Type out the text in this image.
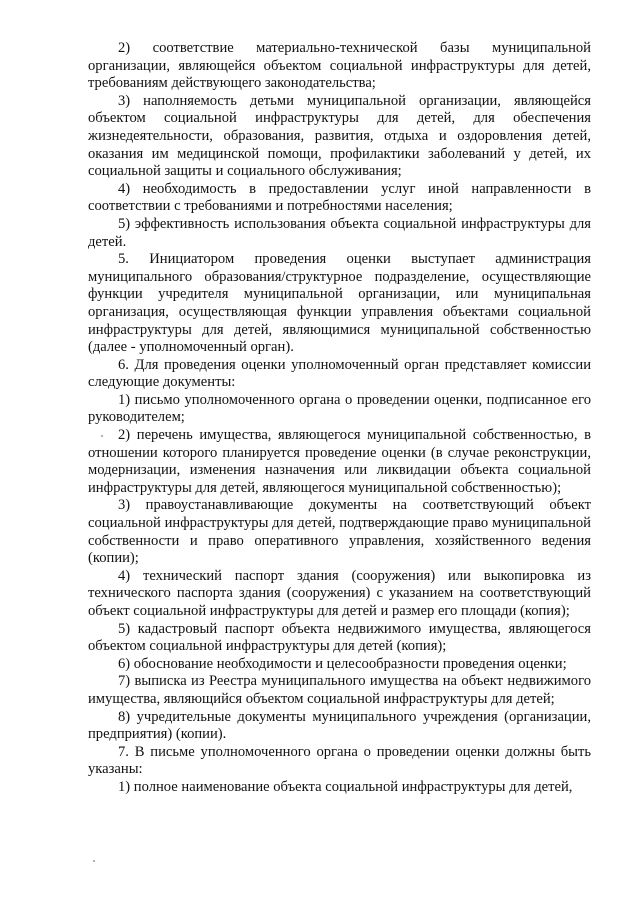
2) соответствие материально-технической базы муниципальной организации, являющейся объектом социальной инфраструктуры для детей, требованиям действующего законодательства;

3) наполняемость детьми муниципальной организации, являющейся объектом социальной инфраструктуры для детей, для обеспечения жизнедеятельности, образования, развития, отдыха и оздоровления детей, оказания им медицинской помощи, профилактики заболеваний у детей, их социальной защиты и социального обслуживания;

4) необходимость в предоставлении услуг иной направленности в соответствии с требованиями и потребностями населения;

5) эффективность использования объекта социальной инфраструктуры для детей.

5. Инициатором проведения оценки выступает администрация муниципального образования/структурное подразделение, осуществляющие функции учредителя муниципальной организации, или муниципальная организация, осуществляющая функции управления объектами социальной инфраструктуры для детей, являющимися муниципальной собственностью (далее - уполномоченный орган).

6. Для проведения оценки уполномоченный орган представляет комиссии следующие документы:

1) письмо уполномоченного органа о проведении оценки, подписанное его руководителем;

2) перечень имущества, являющегося муниципальной собственностью, в отношении которого планируется проведение оценки (в случае реконструкции, модернизации, изменения назначения или ликвидации объекта социальной инфраструктуры для детей, являющегося муниципальной собственностью);

3) правоустанавливающие документы на соответствующий объект социальной инфраструктуры для детей, подтверждающие право муниципальной собственности и право оперативного управления, хозяйственного ведения (копии);

4) технический паспорт здания (сооружения) или выкопировка из технического паспорта здания (сооружения) с указанием на соответствующий объект социальной инфраструктуры для детей и размер его площади (копия);

5) кадастровый паспорт объекта недвижимого имущества, являющегося объектом социальной инфраструктуры для детей (копия);

6) обоснование необходимости и целесообразности проведения оценки;

7) выписка из Реестра муниципального имущества на объект недвижимого имущества, являющийся объектом социальной инфраструктуры для детей;

8) учредительные документы муниципального учреждения (организации, предприятия) (копии).

7. В письме уполномоченного органа о проведении оценки должны быть указаны:

1) полное наименование объекта социальной инфраструктуры для детей,
